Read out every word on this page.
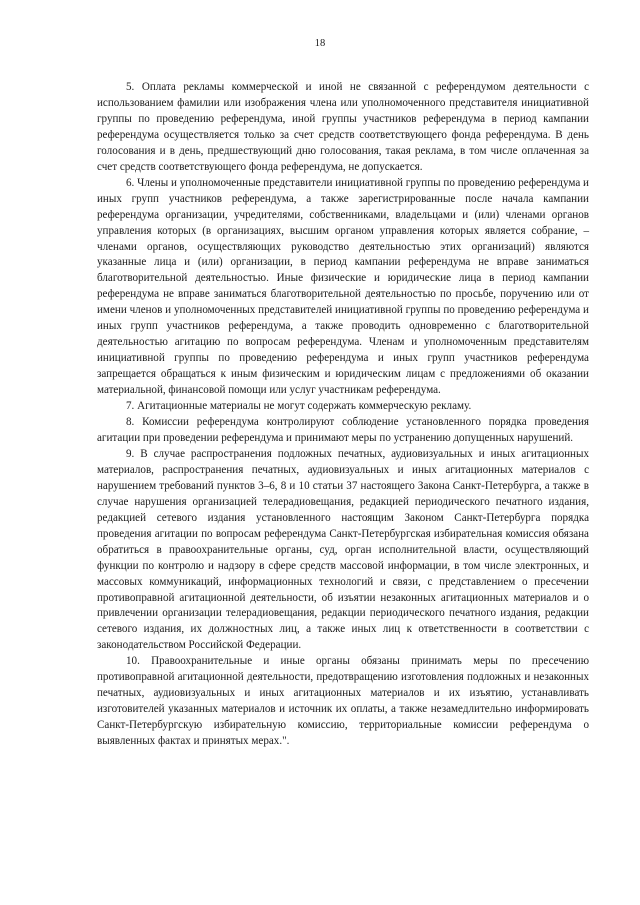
18

5. Оплата рекламы коммерческой и иной не связанной с референдумом деятельности с использованием фамилии или изображения члена или уполномоченного представителя инициативной группы по проведению референдума, иной группы участников референдума в период кампании референдума осуществляется только за счет средств соответствующего фонда референдума. В день голосования и в день, предшествующий дню голосования, такая реклама, в том числе оплаченная за счет средств соответствующего фонда референдума, не допускается.

6. Члены и уполномоченные представители инициативной группы по проведению референдума и иных групп участников референдума, а также зарегистрированные после начала кампании референдума организации, учредителями, собственниками, владельцами и (или) членами органов управления которых (в организациях, высшим органом управления которых является собрание, – членами органов, осуществляющих руководство деятельностью этих организаций) являются указанные лица и (или) организации, в период кампании референдума не вправе заниматься благотворительной деятельностью. Иные физические и юридические лица в период кампании референдума не вправе заниматься благотворительной деятельностью по просьбе, поручению или от имени членов и уполномоченных представителей инициативной группы по проведению референдума и иных групп участников референдума, а также проводить одновременно с благотворительной деятельностью агитацию по вопросам референдума. Членам и уполномоченным представителям инициативной группы по проведению референдума и иных групп участников референдума запрещается обращаться к иным физическим и юридическим лицам с предложениями об оказании материальной, финансовой помощи или услуг участникам референдума.

7. Агитационные материалы не могут содержать коммерческую рекламу.

8. Комиссии референдума контролируют соблюдение установленного порядка проведения агитации при проведении референдума и принимают меры по устранению допущенных нарушений.

9. В случае распространения подложных печатных, аудиовизуальных и иных агитационных материалов, распространения печатных, аудиовизуальных и иных агитационных материалов с нарушением требований пунктов 3–6, 8 и 10 статьи 37 настоящего Закона Санкт-Петербурга, а также в случае нарушения организацией телерадиовещания, редакцией периодического печатного издания, редакцией сетевого издания установленного настоящим Законом Санкт-Петербурга порядка проведения агитации по вопросам референдума Санкт-Петербургская избирательная комиссия обязана обратиться в правоохранительные органы, суд, орган исполнительной власти, осуществляющий функции по контролю и надзору в сфере средств массовой информации, в том числе электронных, и массовых коммуникаций, информационных технологий и связи, с представлением о пресечении противоправной агитационной деятельности, об изъятии незаконных агитационных материалов и о привлечении организации телерадиовещания, редакции периодического печатного издания, редакции сетевого издания, их должностных лиц, а также иных лиц к ответственности в соответствии с законодательством Российской Федерации.

10. Правоохранительные и иные органы обязаны принимать меры по пресечению противоправной агитационной деятельности, предотвращению изготовления подложных и незаконных печатных, аудиовизуальных и иных агитационных материалов и их изъятию, устанавливать изготовителей указанных материалов и источник их оплаты, а также незамедлительно информировать Санкт-Петербургскую избирательную комиссию, территориальные комиссии референдума о выявленных фактах и принятых мерах.".
